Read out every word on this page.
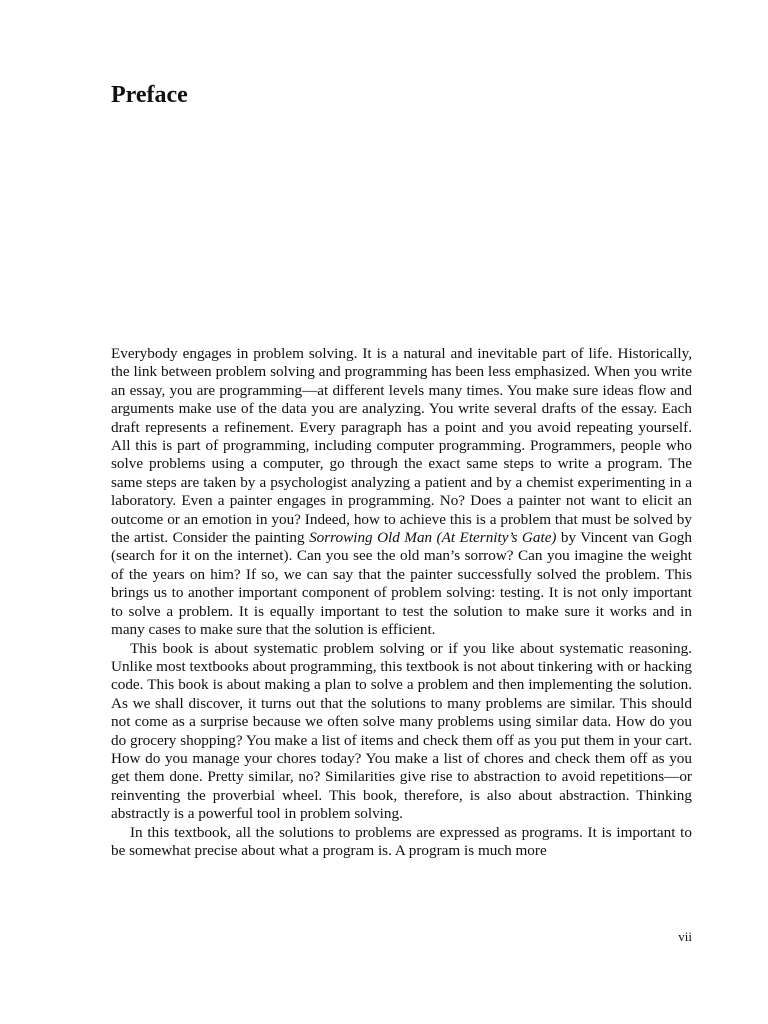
Preface

Everybody engages in problem solving. It is a natural and inevitable part of life. Historically, the link between problem solving and programming has been less emphasized. When you write an essay, you are programming—at different levels many times. You make sure ideas flow and arguments make use of the data you are analyzing. You write several drafts of the essay. Each draft represents a refinement. Every paragraph has a point and you avoid repeating yourself. All this is part of programming, including computer programming. Programmers, people who solve problems using a computer, go through the exact same steps to write a program. The same steps are taken by a psychologist analyzing a patient and by a chemist experimenting in a laboratory. Even a painter engages in programming. No? Does a painter not want to elicit an outcome or an emotion in you? Indeed, how to achieve this is a problem that must be solved by the artist. Consider the painting Sorrowing Old Man (At Eternity’s Gate) by Vincent van Gogh (search for it on the internet). Can you see the old man’s sorrow? Can you imagine the weight of the years on him? If so, we can say that the painter successfully solved the problem. This brings us to another important component of problem solving: testing. It is not only important to solve a problem. It is equally important to test the solution to make sure it works and in many cases to make sure that the solution is efficient.

This book is about systematic problem solving or if you like about systematic reasoning. Unlike most textbooks about programming, this textbook is not about tinkering with or hacking code. This book is about making a plan to solve a problem and then implementing the solution. As we shall discover, it turns out that the solutions to many problems are similar. This should not come as a surprise because we often solve many problems using similar data. How do you do grocery shopping? You make a list of items and check them off as you put them in your cart. How do you manage your chores today? You make a list of chores and check them off as you get them done. Pretty similar, no? Similarities give rise to abstraction to avoid repetitions—or reinventing the proverbial wheel. This book, therefore, is also about abstraction. Thinking abstractly is a powerful tool in problem solving.

In this textbook, all the solutions to problems are expressed as programs. It is important to be somewhat precise about what a program is. A program is much more

vii
